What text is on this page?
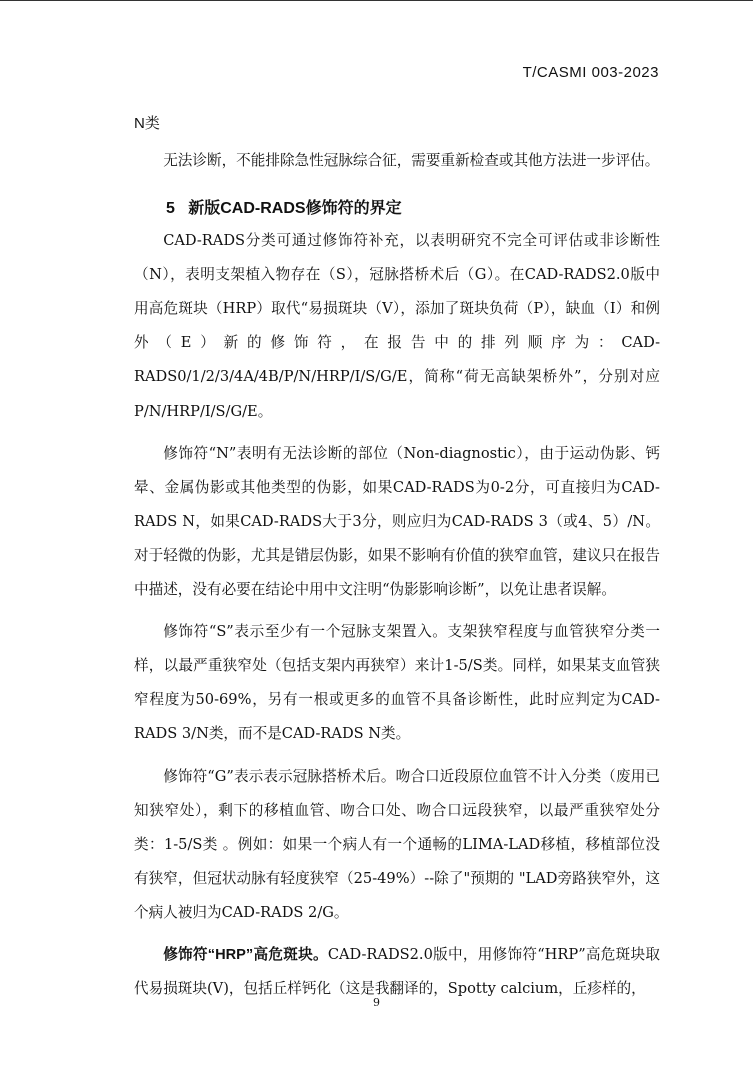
T/CASMI 003-2023

N类

无法诊断，不能排除急性冠脉综合征，需要重新检查或其他方法进一步评估。

5 新版CAD-RADS修饰符的界定

CAD-RADS分类可通过修饰符补充，以表明研究不完全可评估或非诊断性（N），表明支架植入物存在（S），冠脉搭桥术后（G）。在CAD-RADS2.0版中用高危斑块（HRP）取代“易损斑块（V），添加了斑块负荷（P），缺血（I）和例外（E）新的修饰符，在报告中的排列顺序为：CAD-RADS0/1/2/3/4A/4B/P/N/HRP/I/S/G/E，简称“荷无高缺架桥外”，分别对应P/N/HRP/I/S/G/E。

修饰符“N”表明有无法诊断的部位（Non-diagnostic），由于运动伪影、钙晕、金属伪影或其他类型的伪影，如果CAD-RADS为0-2分，可直接归为CAD-RADS N，如果CAD-RADS大于3分，则应归为CAD-RADS 3（或4、5）/N。对于轻微的伪影，尤其是错层伪影，如果不影响有价值的狭窄血管，建议只在报告中描述，没有必要在结论中用中文注明“伪影影响诊断”，以免让患者误解。

修饰符“S”表示至少有一个冠脉支架置入。支架狭窄程度与血管狭窄分类一样，以最严重狭窄处（包括支架内再狭窄）来计1-5/S类。同样，如果某支血管狭窄程度为50-69%，另有一根或更多的血管不具备诊断性，此时应判定为CAD-RADS 3/N类，而不是CAD-RADS N类。

修饰符“G”表示表示冠脉搭桥术后。吻合口近段原位血管不计入分类（废用已知狭窄处），剩下的移植血管、吻合口处、吻合口远段狭窄，以最严重狭窄处分类：1-5/S类 。例如：如果一个病人有一个通畅的LIMA-LAD移植，移植部位没有狭窄，但冠状动脉有轻度狭窄（25-49%）--除了"预期的 "LAD旁路狭窄外，这个病人被归为CAD-RADS 2/G。

修饰符“HRP”高危斑块。CAD-RADS2.0版中，用修饰符“HRP”高危斑块取代易损斑块(V)，包括丘样钙化（这是我翻译的，Spotty calcium，丘疹样的，

9
